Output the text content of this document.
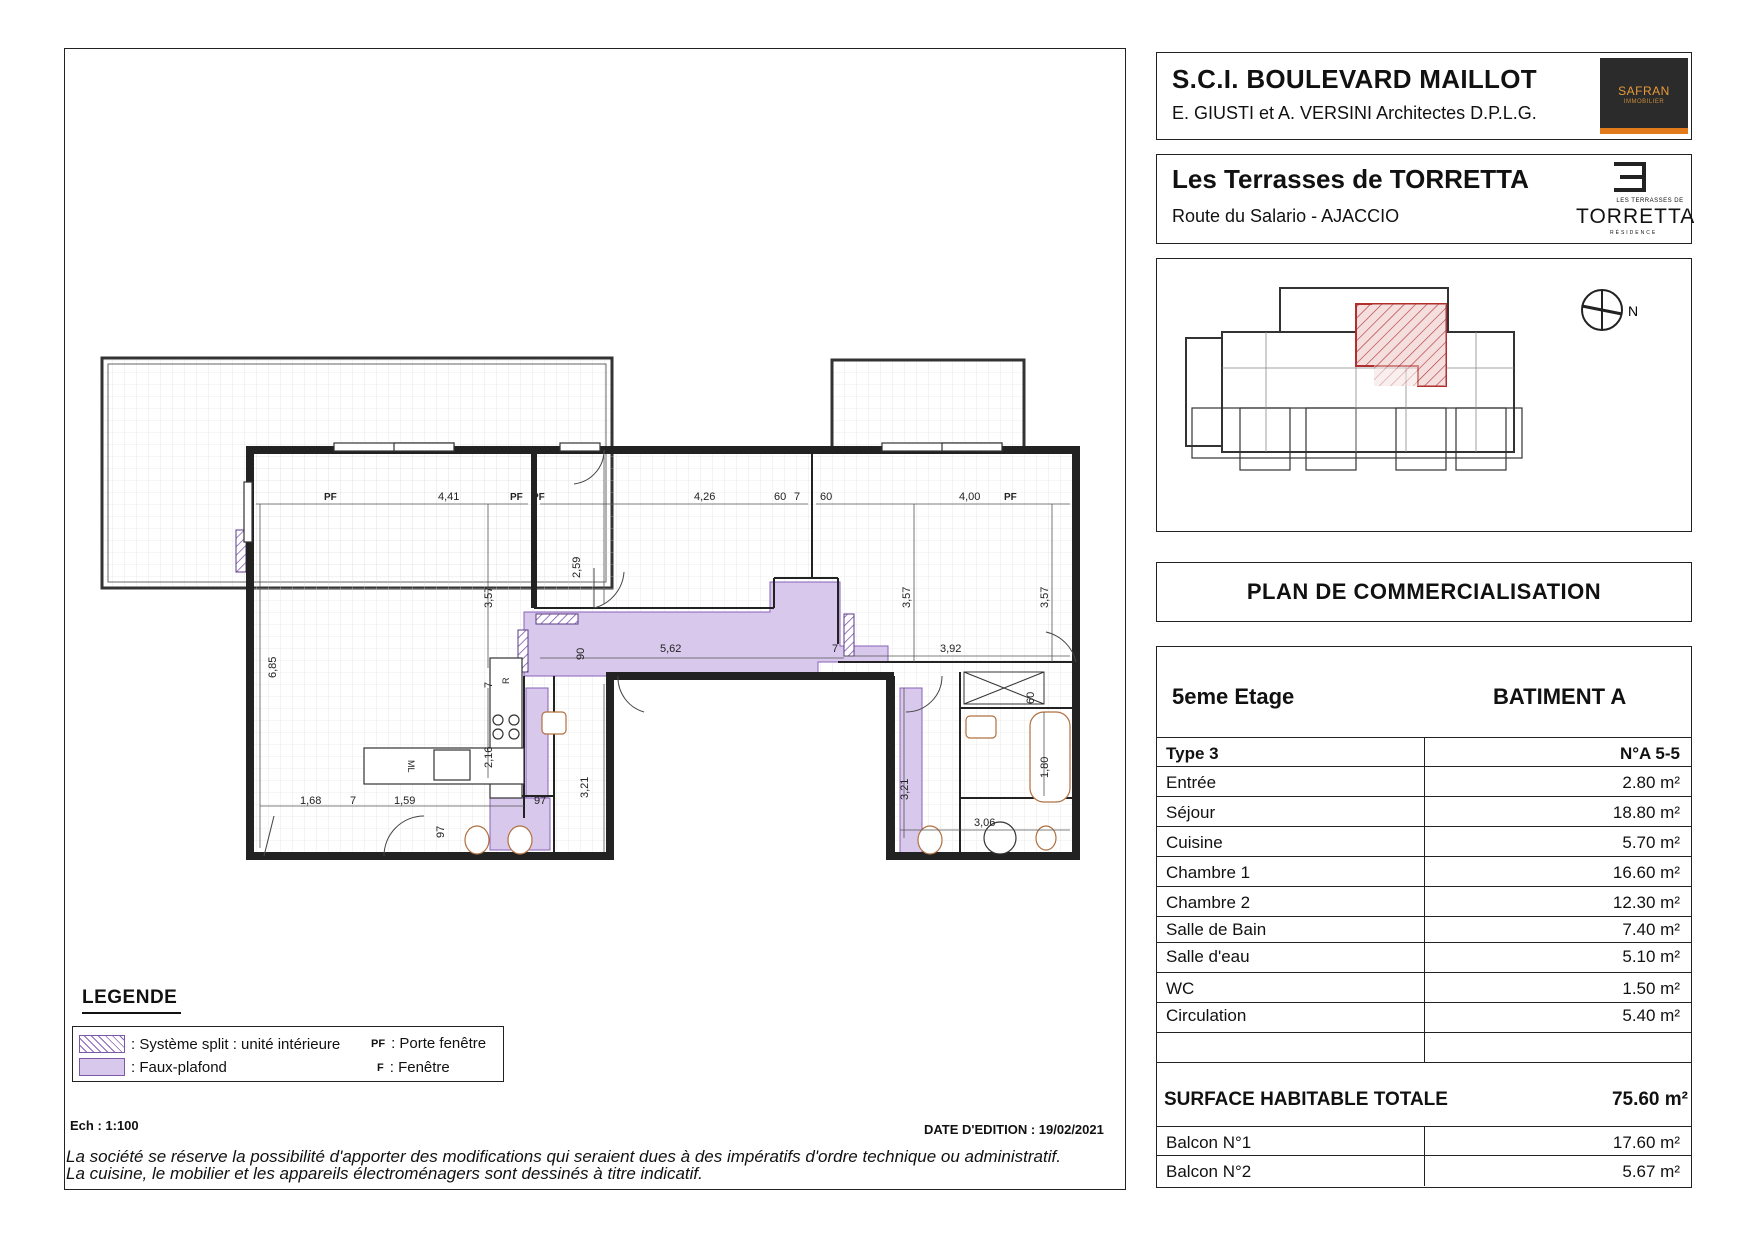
4,41	PF PF	4,26	60 7 60	4,00 PF
PF
3,57
2,59
3,57	3,57
6,85
5,62
90	7	3,92
2,16
7
3,21	3,21
60
1,80
3,06
1,68	7	1,59
97
97
R
ML
LEGENDE
: Système split : unité intérieure
: Faux-plafond
PF : Porte fenêtre
F : Fenêtre
Ech : 1:100	DATE D'EDITION : 19/02/2021
La société se réserve la possibilité d'apporter des modifications qui seraient dues à des impératifs d'ordre technique ou administratif.
La cuisine, le mobilier et les appareils électroménagers sont dessinés à titre indicatif.
S.C.I. BOULEVARD MAILLOT
E. GIUSTI et A. VERSINI Architectes D.P.L.G.
SAFRAN
IMMOBILIER
Les Terrasses de TORRETTA
Route du Salario - AJACCIO
LES TERRASSES DE
TORRETTA
RÉSIDENCE
N
PLAN DE COMMERCIALISATION
5eme Etage	BATIMENT A
Type 3	N°A 5-5
Entrée	2.80 m²
Séjour	18.80 m²
Cuisine	5.70 m²
Chambre 1	16.60 m²
Chambre 2	12.30 m²
Salle de Bain	7.40 m²
Salle d'eau	5.10 m²
WC	1.50 m²
Circulation	5.40 m²
SURFACE HABITABLE TOTALE	75.60 m²
Balcon N°1	17.60 m²
Balcon N°2	5.67 m²
